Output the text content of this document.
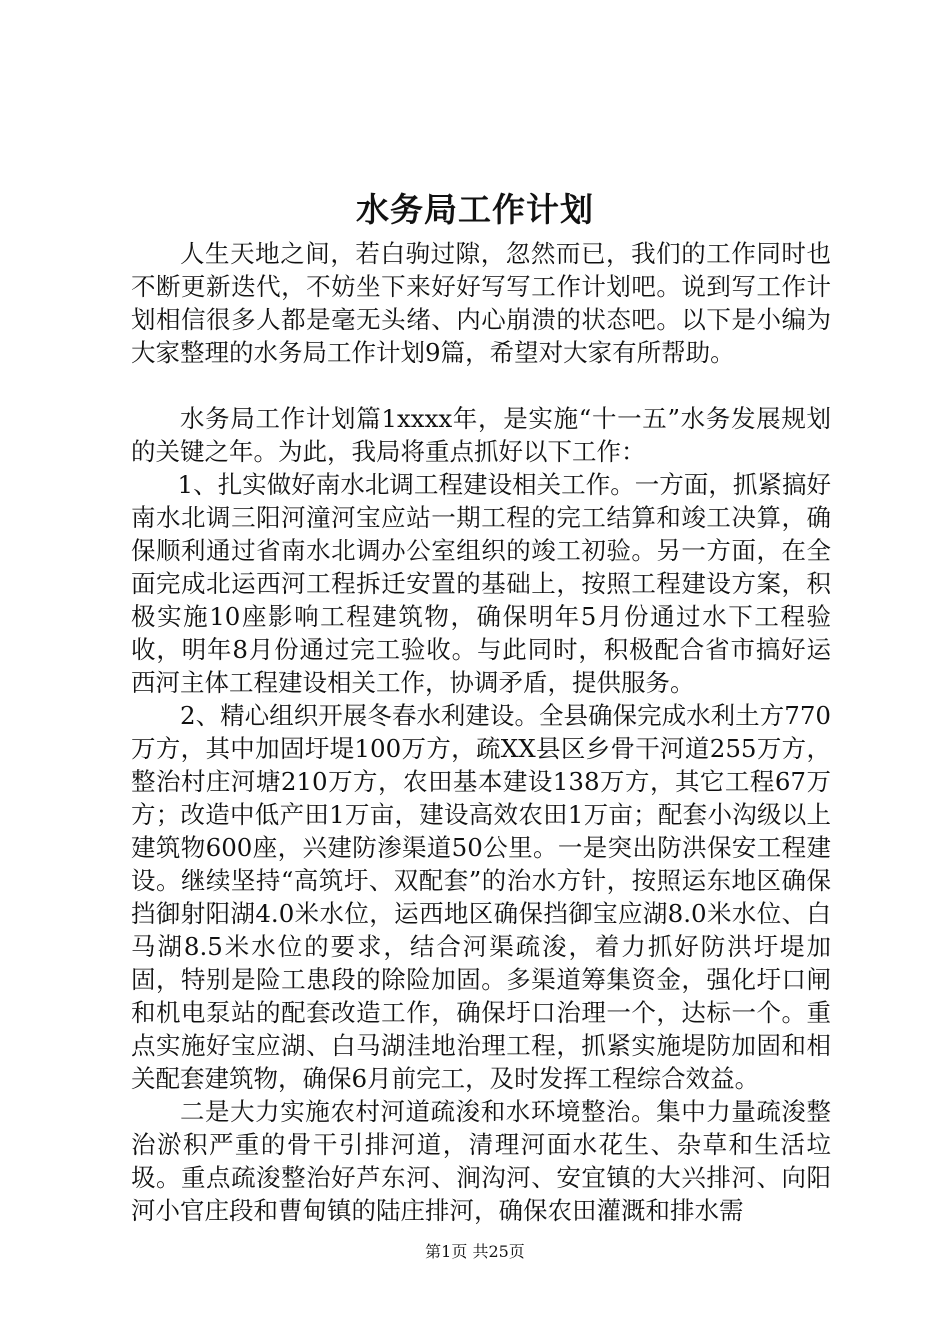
水务局工作计划

人生天地之间，若白驹过隙，忽然而已，我们的工作同时也不断更新迭代，不妨坐下来好好写写工作计划吧。说到写工作计划相信很多人都是毫无头绪、内心崩溃的状态吧。以下是小编为大家整理的水务局工作计划9篇，希望对大家有所帮助。

水务局工作计划篇1xxxx年，是实施“十一五”水务发展规划的关键之年。为此，我局将重点抓好以下工作：

1、扎实做好南水北调工程建设相关工作。一方面，抓紧搞好南水北调三阳河潼河宝应站一期工程的完工结算和竣工决算，确保顺利通过省南水北调办公室组织的竣工初验。另一方面，在全面完成北运西河工程拆迁安置的基础上，按照工程建设方案，积极实施10座影响工程建筑物，确保明年5月份通过水下工程验收，明年8月份通过完工验收。与此同时，积极配合省市搞好运西河主体工程建设相关工作，协调矛盾，提供服务。

2、精心组织开展冬春水利建设。全县确保完成水利土方770万方，其中加固圩堤100万方，疏XX县区乡骨干河道255万方，整治村庄河塘210万方，农田基本建设138万方，其它工程67万方；改造中低产田1万亩，建设高效农田1万亩；配套小沟级以上建筑物600座，兴建防渗渠道50公里。一是突出防洪保安工程建设。继续坚持“高筑圩、双配套”的治水方针，按照运东地区确保挡御射阳湖4.0米水位，运西地区确保挡御宝应湖8.0米水位、白马湖8.5米水位的要求，结合河渠疏浚，着力抓好防洪圩堤加固，特别是险工患段的除险加固。多渠道筹集资金，强化圩口闸和机电泵站的配套改造工作，确保圩口治理一个，达标一个。重点实施好宝应湖、白马湖洼地治理工程，抓紧实施堤防加固和相关配套建筑物，确保6月前完工，及时发挥工程综合效益。

二是大力实施农村河道疏浚和水环境整治。集中力量疏浚整治淤积严重的骨干引排河道，清理河面水花生、杂草和生活垃圾。重点疏浚整治好芦东河、涧沟河、安宜镇的大兴排河、向阳河小官庄段和曹甸镇的陆庄排河，确保农田灌溉和排水需

第1页 共25页
